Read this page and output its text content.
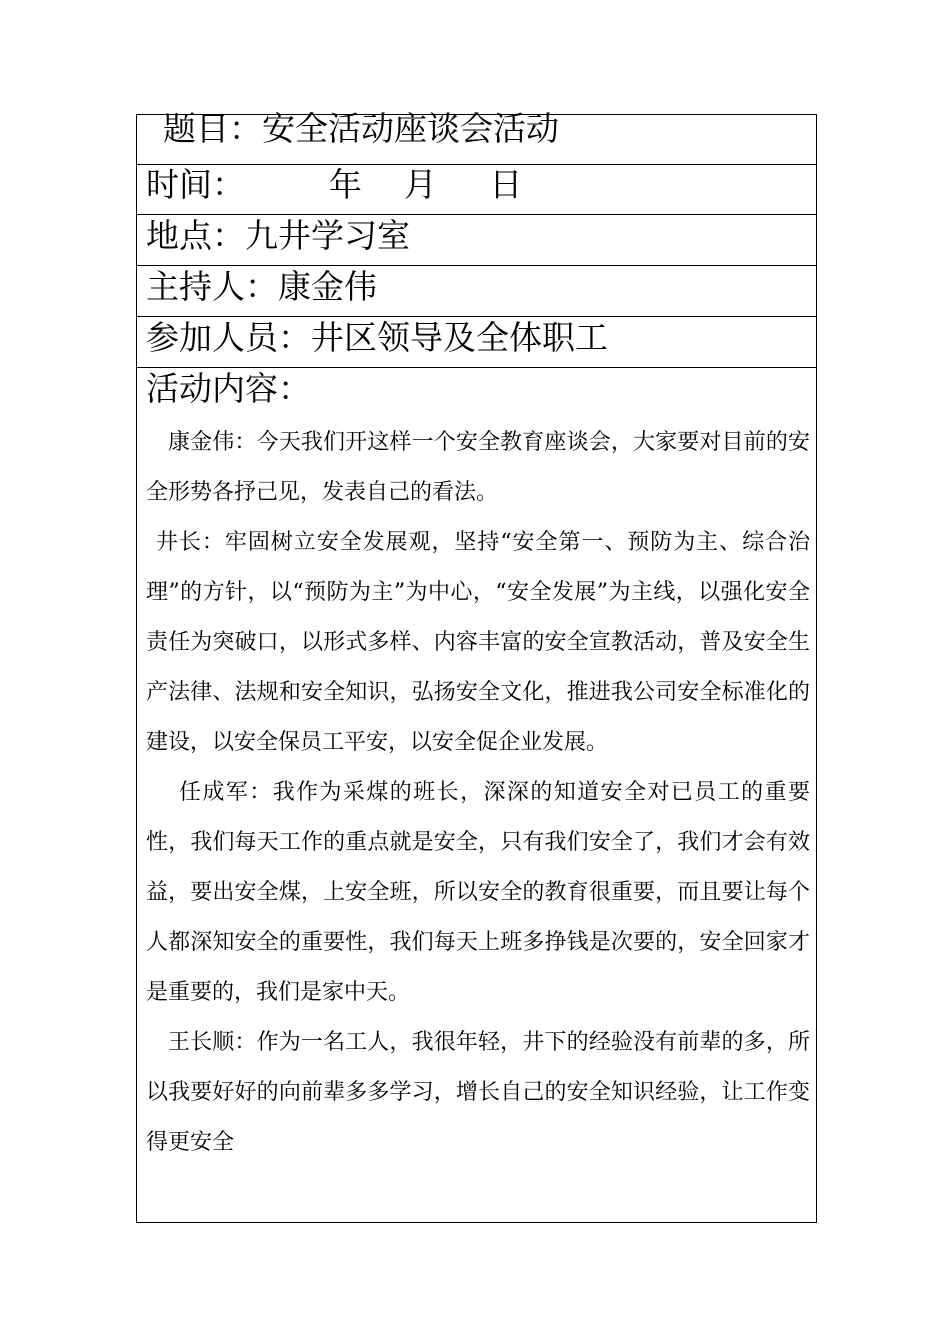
题目：安全活动座谈会活动
时间：        年    月     日
地点：九井学习室
主持人：康金伟
参加人员：井区领导及全体职工
活动内容：

康金伟：今天我们开这样一个安全教育座谈会，大家要对目前的安全形势各抒己见，发表自己的看法。

井长：牢固树立安全发展观，坚持“安全第一、预防为主、综合治理”的方针，以“预防为主”为中心，“安全发展”为主线，以强化安全责任为突破口，以形式多样、内容丰富的安全宣教活动，普及安全生产法律、法规和安全知识，弘扬安全文化，推进我公司安全标准化的建设，以安全保员工平安，以安全促企业发展。

任成军：我作为采煤的班长，深深的知道安全对已员工的重要性，我们每天工作的重点就是安全，只有我们安全了，我们才会有效益，要出安全煤，上安全班，所以安全的教育很重要，而且要让每个人都深知安全的重要性，我们每天上班多挣钱是次要的，安全回家才是重要的，我们是家中天。

王长顺：作为一名工人，我很年轻，井下的经验没有前辈的多，所以我要好好的向前辈多多学习，增长自己的安全知识经验，让工作变得更安全
